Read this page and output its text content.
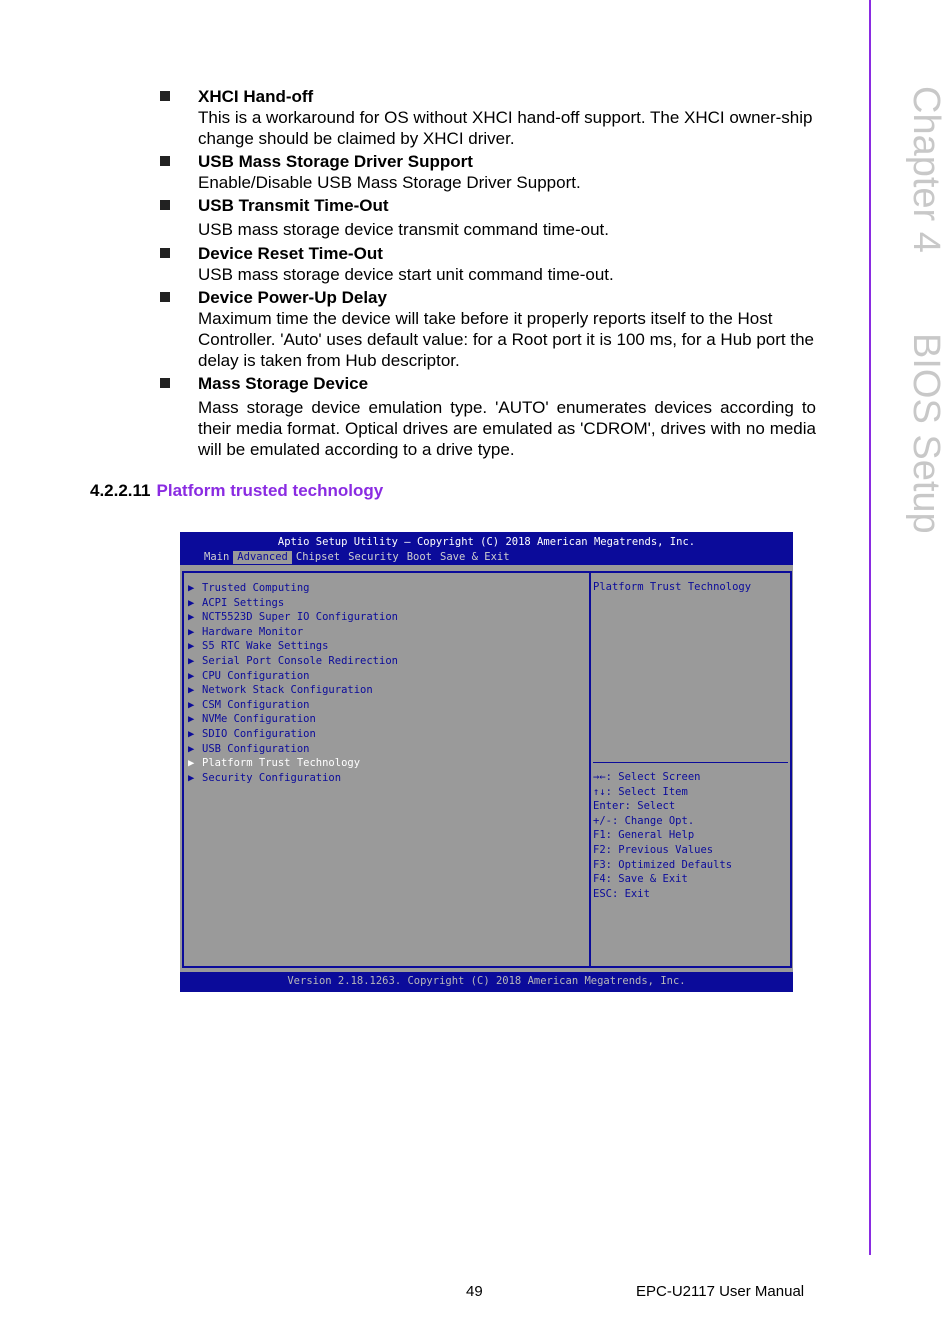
Chapter 4BIOS Setup
XHCI Hand-off
This is a workaround for OS without XHCI hand-off support. The XHCI owner-ship change should be claimed by XHCI driver.
USB Mass Storage Driver Support
Enable/Disable USB Mass Storage Driver Support.
USB Transmit Time-Out
USB mass storage device transmit command time-out.
Device Reset Time-Out
USB mass storage device start unit command time-out.
Device Power-Up Delay
Maximum time the device will take before it properly reports itself to the Host Controller. 'Auto' uses default value: for a Root port it is 100 ms, for a Hub port the delay is taken from Hub descriptor.
Mass Storage Device
Mass storage device emulation type. 'AUTO' enumerates devices according to their media format. Optical drives are emulated as 'CDROM', drives with no media will be emulated according to a drive type.
4.2.2.11 Platform trusted technology
Aptio Setup Utility – Copyright (C) 2018 American Megatrends, Inc.
Main Advanced Chipset Security Boot Save & Exit
▶ Trusted Computing
▶ ACPI Settings
▶ NCT5523D Super IO Configuration
▶ Hardware Monitor
▶ S5 RTC Wake Settings
▶ Serial Port Console Redirection
▶ CPU Configuration
▶ Network Stack Configuration
▶ CSM Configuration
▶ NVMe Configuration
▶ SDIO Configuration
▶ USB Configuration
▶ Platform Trust Technology
▶ Security Configuration
Platform Trust Technology
→←: Select Screen
↑↓: Select Item
Enter: Select
+/-: Change Opt.
F1: General Help
F2: Previous Values
F3: Optimized Defaults
F4: Save & Exit
ESC: Exit
Version 2.18.1263. Copyright (C) 2018 American Megatrends, Inc.
49	EPC-U2117 User Manual
